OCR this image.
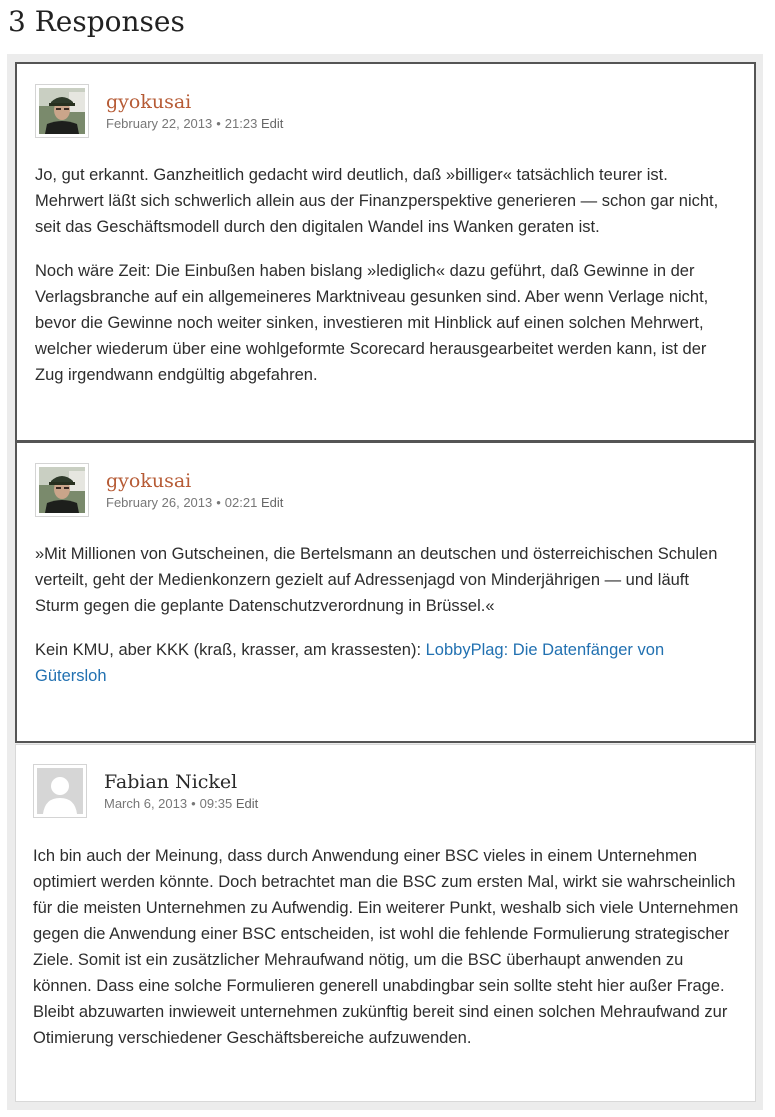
3 Responses
gyokusai
February 22, 2013 • 21:23 Edit

Jo, gut erkannt. Ganzheitlich gedacht wird deutlich, daß »billiger« tatsächlich teurer ist. Mehrwert läßt sich schwerlich allein aus der Finanzperspektive generieren — schon gar nicht, seit das Geschäftsmodell durch den digitalen Wandel ins Wanken geraten ist.

Noch wäre Zeit: Die Einbußen haben bislang »lediglich« dazu geführt, daß Gewinne in der Verlagsbranche auf ein allgemeineres Marktniveau gesunken sind. Aber wenn Verlage nicht, bevor die Gewinne noch weiter sinken, investieren mit Hinblick auf einen solchen Mehrwert, welcher wiederum über eine wohlgeformte Scorecard herausgearbeitet werden kann, ist der Zug irgendwann endgültig abgefahren.

gyokusai
February 26, 2013 • 02:21 Edit

»Mit Millionen von Gutscheinen, die Bertelsmann an deutschen und österreichischen Schulen verteilt, geht der Medienkonzern gezielt auf Adressenjagd von Minderjährigen — und läuft Sturm gegen die geplante Datenschutzverordnung in Brüssel.«

Kein KMU, aber KKK (kraß, krasser, am krassesten): LobbyPlag: Die Datenfänger von Gütersloh

Fabian Nickel
March 6, 2013 • 09:35 Edit

Ich bin auch der Meinung, dass durch Anwendung einer BSC vieles in einem Unternehmen optimiert werden könnte. Doch betrachtet man die BSC zum ersten Mal, wirkt sie wahrscheinlich für die meisten Unternehmen zu Aufwendig. Ein weiterer Punkt, weshalb sich viele Unternehmen gegen die Anwendung einer BSC entscheiden, ist wohl die fehlende Formulierung strategischer Ziele. Somit ist ein zusätzlicher Mehraufwand nötig, um die BSC überhaupt anwenden zu können. Dass eine solche Formulieren generell unabdingbar sein sollte steht hier außer Frage. Bleibt abzuwarten inwieweit unternehmen zukünftig bereit sind einen solchen Mehraufwand zur Otimierung verschiedener Geschäftsbereiche aufzuwenden.
